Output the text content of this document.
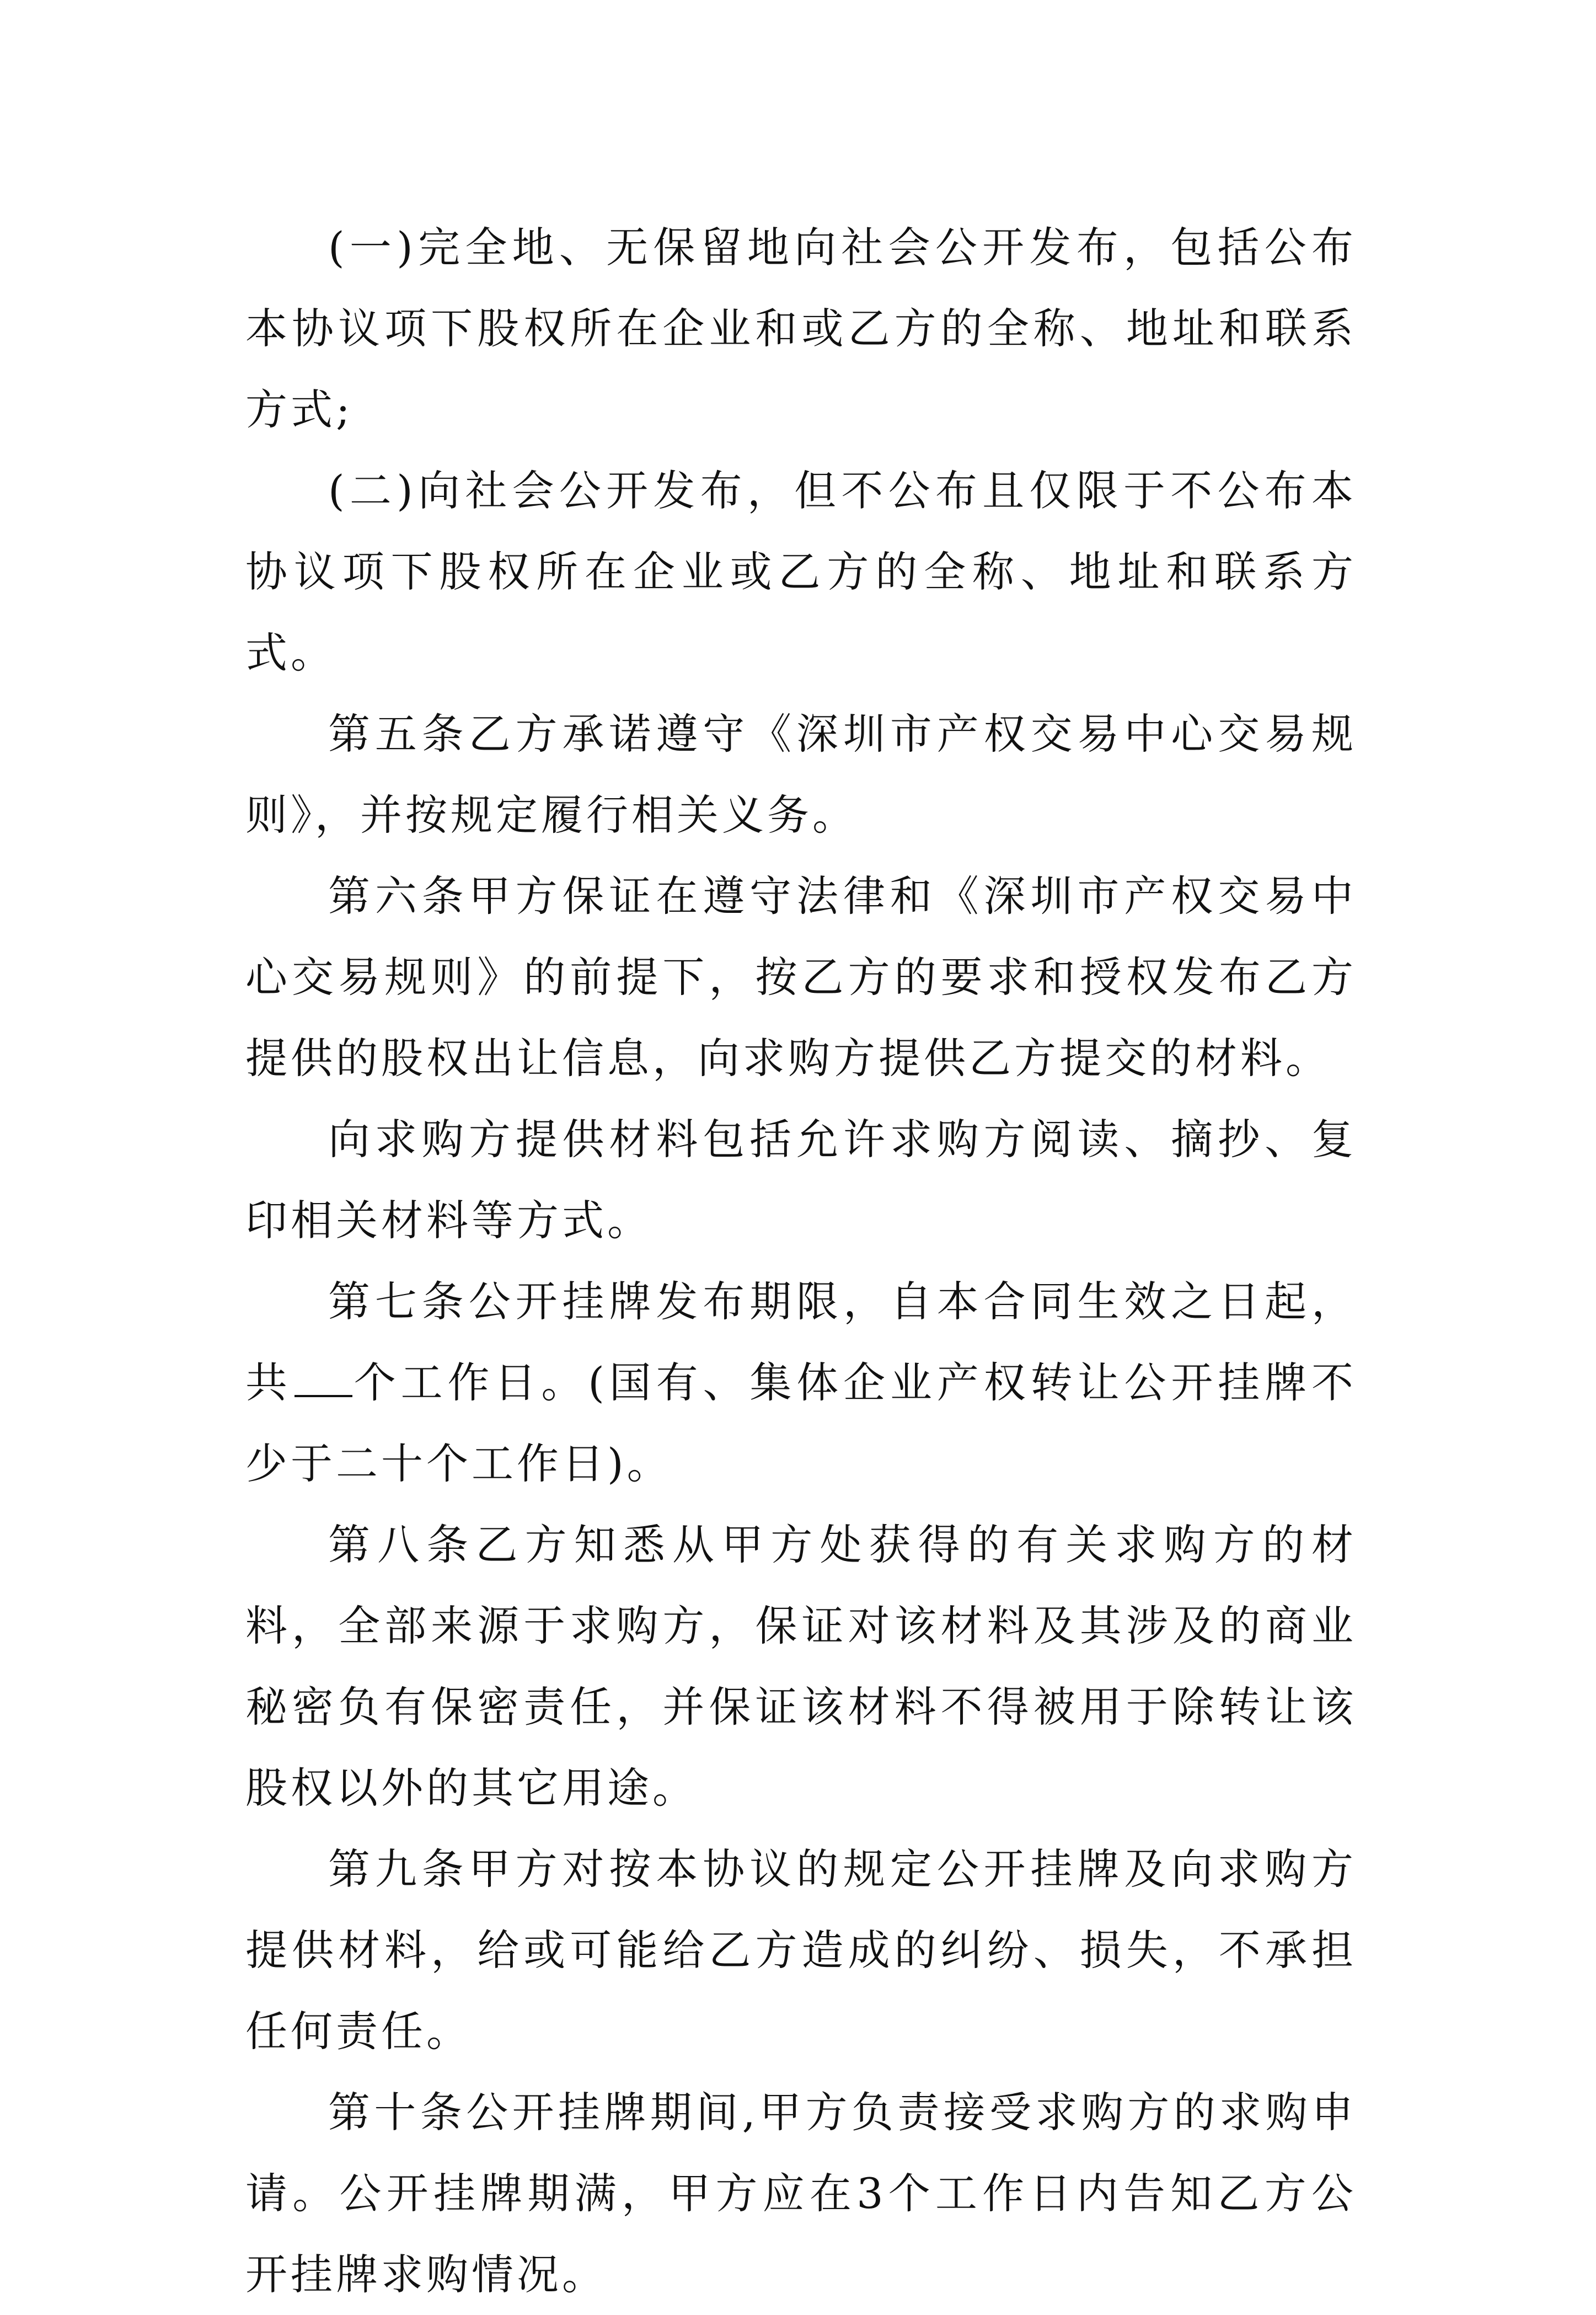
(一)完全地、无保留地向社会公开发布，包括公布本协议项下股权所在企业和或乙方的全称、地址和联系方式;

(二)向社会公开发布，但不公布且仅限于不公布本协议项下股权所在企业或乙方的全称、地址和联系方式。

第五条乙方承诺遵守《深圳市产权交易中心交易规则》，并按规定履行相关义务。

第六条甲方保证在遵守法律和《深圳市产权交易中心交易规则》的前提下，按乙方的要求和授权发布乙方提供的股权出让信息，向求购方提供乙方提交的材料。

向求购方提供材料包括允许求购方阅读、摘抄、复印相关材料等方式。

第七条公开挂牌发布期限，自本合同生效之日起，共 个工作日。(国有、集体企业产权转让公开挂牌不少于二十个工作日)。

第八条乙方知悉从甲方处获得的有关求购方的材料，全部来源于求购方，保证对该材料及其涉及的商业秘密负有保密责任，并保证该材料不得被用于除转让该股权以外的其它用途。

第九条甲方对按本协议的规定公开挂牌及向求购方提供材料，给或可能给乙方造成的纠纷、损失，不承担任何责任。

第十条公开挂牌期间,甲方负责接受求购方的求购申请。公开挂牌期满，甲方应在3个工作日内告知乙方公开挂牌求购情况。
